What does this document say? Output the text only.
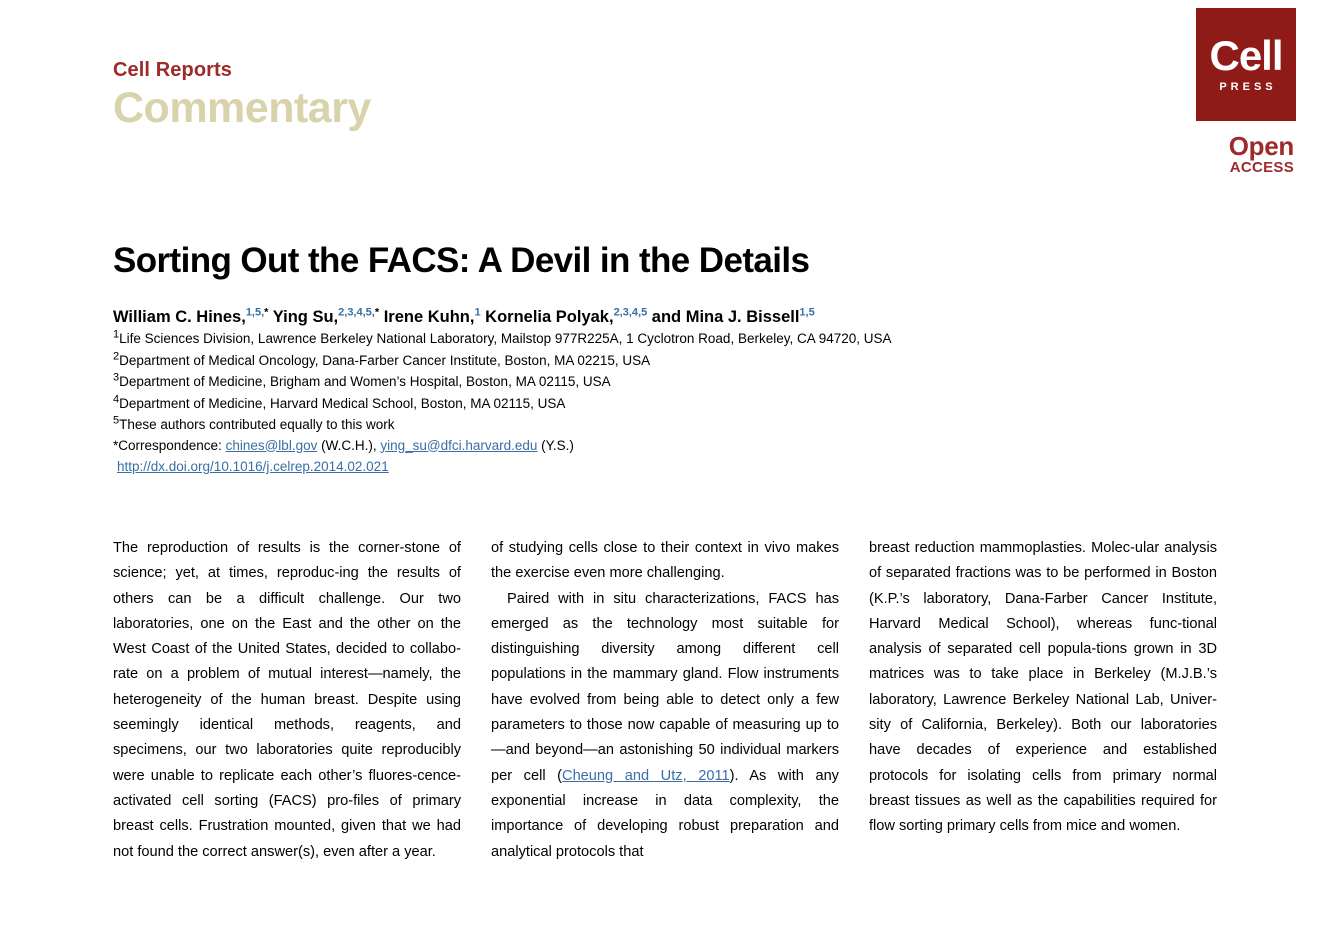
Cell Reports
Commentary
Cell
PRESS
Open
ACCESS
Sorting Out the FACS: A Devil in the Details
William C. Hines,$^{1,5,*}$ Ying Su,$^{2,3,4,5,*}$ Irene Kuhn,$^1$ Kornelia Polyak,$^{2,3,4,5}$ and Mina J. Bissell$^{1,5}$
$^1$Life Sciences Division, Lawrence Berkeley National Laboratory, Mailstop 977R225A, 1 Cyclotron Road, Berkeley, CA 94720, USA
$^2$Department of Medical Oncology, Dana-Farber Cancer Institute, Boston, MA 02215, USA
$^3$Department of Medicine, Brigham and Women’s Hospital, Boston, MA 02115, USA
$^4$Department of Medicine, Harvard Medical School, Boston, MA 02115, USA
$^5$These authors contributed equally to this work
*Correspondence: chines@lbl.gov (W.C.H.), ying_su@dfci.harvard.edu (Y.S.)
http://dx.doi.org/10.1016/j.celrep.2014.02.021

The reproduction of results is the corner-stone of science; yet, at times, reproduc-ing the results of others can be a difficult challenge. Our two laboratories, one on the East and the other on the West Coast of the United States, decided to collabo-rate on a problem of mutual interest—namely, the heterogeneity of the human breast. Despite using seemingly identical methods, reagents, and specimens, our two laboratories quite reproducibly were unable to replicate each other’s fluores-cence-activated cell sorting (FACS) pro-files of primary breast cells. Frustration mounted, given that we had not found the correct answer(s), even after a year.

of studying cells close to their context in vivo makes the exercise even more challenging.

Paired with in situ characterizations, FACS has emerged as the technology most suitable for distinguishing diversity among different cell populations in the mammary gland. Flow instruments have evolved from being able to detect only a few parameters to those now capable of measuring up to—and beyond—an astonishing 50 individual markers per cell (Cheung and Utz, 2011). As with any exponential increase in data complexity, the importance of developing robust preparation and analytical protocols that

breast reduction mammoplasties. Molec-ular analysis of separated fractions was to be performed in Boston (K.P.’s laboratory, Dana-Farber Cancer Institute, Harvard Medical School), whereas func-tional analysis of separated cell popula-tions grown in 3D matrices was to take place in Berkeley (M.J.B.’s laboratory, Lawrence Berkeley National Lab, Univer-sity of California, Berkeley). Both our laboratories have decades of experience and established protocols for isolating cells from primary normal breast tissues as well as the capabilities required for flow sorting primary cells from mice and women.
